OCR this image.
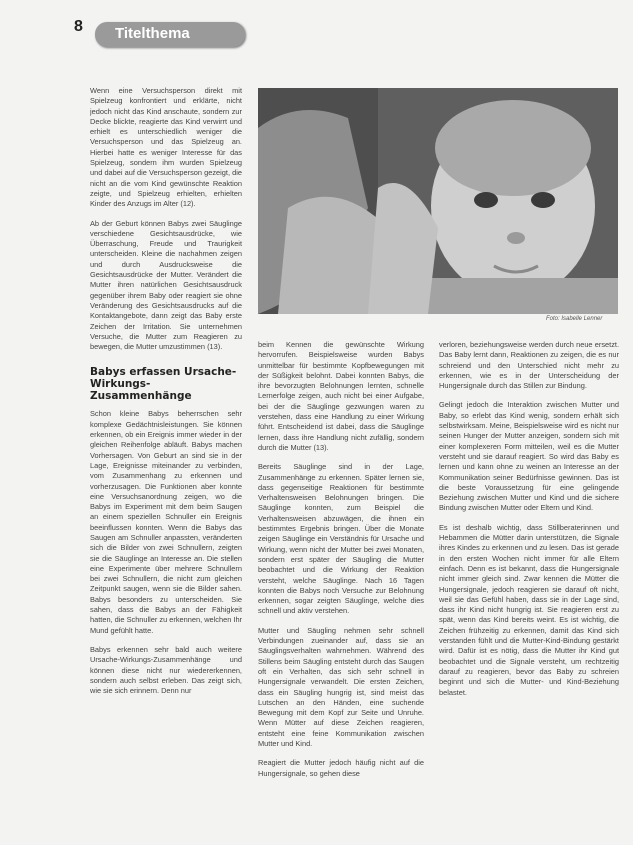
8 Titelthema
Foto: Isabelle Lenner

Wenn eine Versuchsperson direkt mit Spielzeug konfrontiert und erklärte, nicht jedoch nicht das Kind anschaute, sondern zur Decke blickte, reagierte das Kind verwirrt und erhielt es unterschiedlich weniger die Versuchsperson und das Spielzeug an. Hierbei hatte es weniger Interesse für das Spielzeug, sondern ihm wurden Spielzeug und dabei auf die Versuchsperson gezeigt, die nicht an die vom Kind gewünschte Reaktion zeigte, und Spielzeug erhielten, erhielten Kinder des Anzugs im Alter (12).

Ab der Geburt können Babys zwei Säuglinge verschiedene Gesichtsausdrücke, wie Überraschung, Freude und Traurigkeit unterscheiden. Kleine die nachahmen zeigen und durch Ausdrucksweise die Gesichtsausdrücke der Mutter. Verändert die Mutter ihren natürlichen Gesichtsausdruck gegenüber ihrem Baby oder reagiert sie ohne Veränderung des Gesichtsausdrucks auf die Kontaktangebote, dann zeigt das Baby erste Zeichen der Irritation. Sie unternehmen Versuche, die Mutter zum Reagieren zu bewegen, die Mutter umzustimmen (13).

Babys erfassen Ursache-Wirkungs-Zusammenhänge

Schon kleine Babys beherrschen sehr komplexe Gedächtnisleistungen. Sie können erkennen, ob ein Ereignis immer wieder in der gleichen Reihenfolge abläuft. Babys machen Vorhersagen. Von Geburt an sind sie in der Lage, Ereignisse miteinander zu verbinden, vom Zusammenhang zu erkennen und vorherzusagen. Die Funktionen aber konnte eine Versuchsanordnung zeigen, wo die Babys im Experiment mit dem beim Saugen an einem speziellen Schnuller ein Ereignis beeinflussen konnten. Wenn die Babys das Saugen am Schnuller anpassten, veränderten sich die Bilder von zwei Schnullern, zeigten sie die Säuglinge an Interesse an. Die stellen eine Experimente über mehrere Schnullern bei zwei Schnullern, die nicht zum gleichen Zeitpunkt saugen, wenn sie die Bilder sahen. Babys besonders zu unterscheiden. Sie sahen, dass die Babys an der Fähigkeit hatten, die Schnuller zu erkennen, welchen Ihr Mund gefühlt hatte.

Babys erkennen sehr bald auch weitere Ursache-Wirkungs-Zusammenhänge und können diese nicht nur wiedererkennen, sondern auch selbst erleben. Das zeigt sich, wie sie sich erinnern. Denn nur

beim Kennen die gewünschte Wirkung hervorrufen. Beispielsweise wurden Babys unmittelbar für bestimmte Kopfbewegungen mit der Süßigkeit belohnt. Dabei konnten Babys, die ihre bevorzugten Belohnungen lernten, schnelle Lernerfolge zeigen, auch nicht bei einer Aufgabe, bei der die Säuglinge gezwungen waren zu verstehen, dass eine Handlung zu einer Wirkung führt. Entscheidend ist dabei, dass die Säuglinge lernen, dass ihre Handlung nicht zufällig, sondern durch die Mutter (13).

Bereits Säuglinge sind in der Lage, Zusammenhänge zu erkennen. Später lernen sie, dass gegenseitige Reaktionen für bestimmte Verhaltensweisen Belohnungen bringen. Die Säuglinge konnten, zum Beispiel die Verhaltensweisen abzuwägen, die ihnen ein bestimmtes Ergebnis bringen. Über die Monate zeigen Säuglinge ein Verständnis für Ursache und Wirkung, wenn nicht der Mutter bei zwei Monaten, sondern erst später der Säugling die Mutter beobachtet und die Wirkung der Reaktion versteht, welche Säuglinge. Nach 16 Tagen konnten die Babys noch Versuche zur Belohnung erkennen, sogar zeigten Säuglinge, welche dies schnell und aktiv verstehen.

Mutter und Säugling nehmen sehr schnell Verbindungen zueinander auf, dass sie an Säuglingsverhalten wahrnehmen. Während des Stillens beim Säugling entsteht durch das Saugen oft ein Verhalten, das sich sehr schnell in Hungersignale verwandelt. Die ersten Zeichen, dass ein Säugling hungrig ist, sind meist das Lutschen an den Händen, eine suchende Bewegung mit dem Kopf zur Seite und Unruhe. Wenn Mütter auf diese Zeichen reagieren, entsteht eine feine Kommunikation zwischen Mutter und Kind.

Reagiert die Mutter jedoch häufig nicht auf die Hungersignale, so gehen diese

verloren, beziehungsweise werden durch neue ersetzt. Das Baby lernt dann, Reaktionen zu zeigen, die es nur schreiend und den Unterschied nicht mehr zu erkennen, wie es in der Unterscheidung der Hungersignale durch das Stillen zur Bindung.

Gelingt jedoch die Interaktion zwischen Mutter und Baby, so erlebt das Kind wenig, sondern erhält sich selbstwirksam. Meine, Beispielsweise wird es nicht nur seinen Hunger der Mutter anzeigen, sondern sich mit einer komplexeren Form mitteilen, weil es die Mutter versteht und sie darauf reagiert. So wird das Baby es lernen und kann ohne zu weinen an Interesse an der Kommunikation seiner Bedürfnisse gewinnen. Das ist die beste Voraussetzung für eine gelingende Beziehung zwischen Mutter und Kind und die sichere Bindung zwischen Mutter oder Eltern und Kind.

Es ist deshalb wichtig, dass Stillberaterinnen und Hebammen die Mütter darin unterstützen, die Signale ihres Kindes zu erkennen und zu lesen. Das ist gerade in den ersten Wochen nicht immer für alle Eltern einfach. Denn es ist bekannt, dass die Hungersignale nicht immer gleich sind. Zwar kennen die Mütter die Hungersignale, jedoch reagieren sie darauf oft nicht, weil sie das Gefühl haben, dass sie in der Lage sind, dass ihr Kind nicht hungrig ist. Sie reagieren erst zu spät, wenn das Kind bereits weint. Es ist wichtig, die Zeichen frühzeitig zu erkennen, damit das Kind sich verstanden fühlt und die Mutter-Kind-Bindung gestärkt wird. Dafür ist es nötig, dass die Mutter ihr Kind gut beobachtet und die Signale versteht, um rechtzeitig darauf zu reagieren, bevor das Baby zu schreien beginnt und sich die Mutter- und Kind-Beziehung belastet.
